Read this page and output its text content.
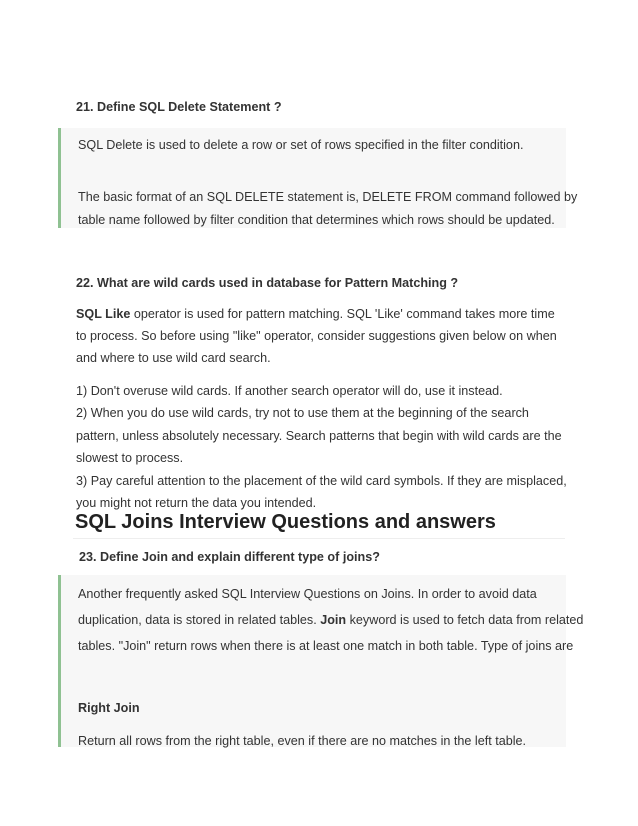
21. Define SQL Delete Statement ?
SQL Delete is used to delete a row or set of rows specified in the filter condition.
The basic format of an SQL DELETE statement is, DELETE FROM command followed by
table name followed by filter condition that determines which rows should be updated.
22. What are wild cards used in database for Pattern Matching ?
SQL Like operator is used for pattern matching. SQL 'Like' command takes more time
to process. So before using "like" operator, consider suggestions given below on when
and where to use wild card search.
1) Don't overuse wild cards. If another search operator will do, use it instead.
2) When you do use wild cards, try not to use them at the beginning of the search
pattern, unless absolutely necessary. Search patterns that begin with wild cards are the
slowest to process.
3) Pay careful attention to the placement of the wild card symbols. If they are misplaced,
you might not return the data you intended.
SQL Joins Interview Questions and answers
23. Define Join and explain different type of joins?
Another frequently asked SQL Interview Questions on Joins. In order to avoid data
duplication, data is stored in related tables. Join keyword is used to fetch data from related
tables. "Join" return rows when there is at least one match in both table. Type of joins are
Right Join
Return all rows from the right table, even if there are no matches in the left table.
